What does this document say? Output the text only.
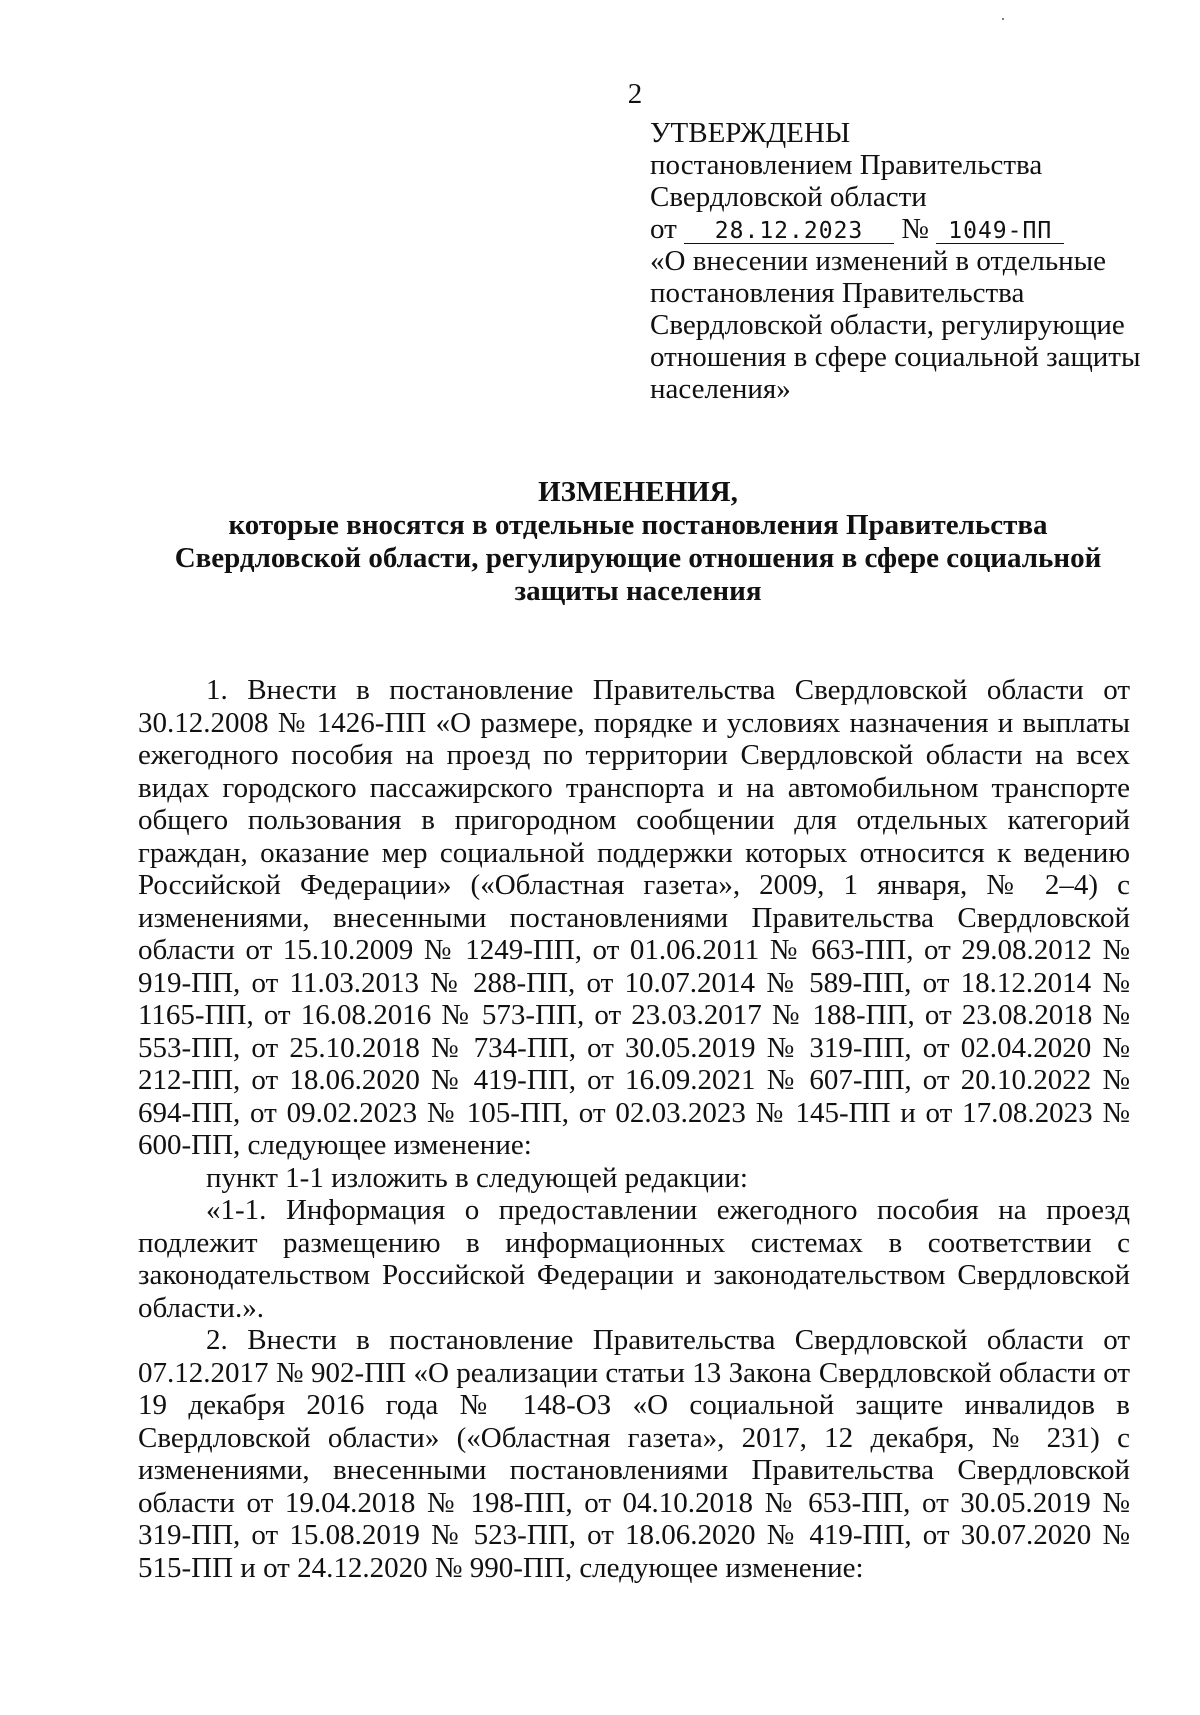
2
УТВЕРЖДЕНЫ
постановлением Правительства
Свердловской области
от 28.12.2023 № 1049-ПП
«О внесении изменений в отдельные постановления Правительства Свердловской области, регулирующие отношения в сфере социальной защиты населения»
ИЗМЕНЕНИЯ,
которые вносятся в отдельные постановления Правительства
Свердловской области, регулирующие отношения в сфере социальной
защиты населения

1. Внести в постановление Правительства Свердловской области от 30.12.2008 № 1426-ПП «О размере, порядке и условиях назначения и выплаты ежегодного пособия на проезд по территории Свердловской области на всех видах городского пассажирского транспорта и на автомобильном транспорте общего пользования в пригородном сообщении для отдельных категорий граждан, оказание мер социальной поддержки которых относится к ведению Российской Федерации» («Областная газета», 2009, 1 января, № 2–4) с изменениями, внесенными постановлениями Правительства Свердловской области от 15.10.2009 № 1249-ПП, от 01.06.2011 № 663-ПП, от 29.08.2012 № 919-ПП, от 11.03.2013 № 288-ПП, от 10.07.2014 № 589-ПП, от 18.12.2014 № 1165-ПП, от 16.08.2016 № 573-ПП, от 23.03.2017 № 188-ПП, от 23.08.2018 № 553-ПП, от 25.10.2018 № 734-ПП, от 30.05.2019 № 319-ПП, от 02.04.2020 № 212-ПП, от 18.06.2020 № 419-ПП, от 16.09.2021 № 607-ПП, от 20.10.2022 № 694-ПП, от 09.02.2023 № 105-ПП, от 02.03.2023 № 145-ПП и от 17.08.2023 № 600-ПП, следующее изменение:

пункт 1-1 изложить в следующей редакции:

«1-1. Информация о предоставлении ежегодного пособия на проезд подлежит размещению в информационных системах в соответствии с законодательством Российской Федерации и законодательством Свердловской области.».

2. Внести в постановление Правительства Свердловской области от 07.12.2017 № 902-ПП «О реализации статьи 13 Закона Свердловской области от 19 декабря 2016 года № 148-ОЗ «О социальной защите инвалидов в Свердловской области» («Областная газета», 2017, 12 декабря, № 231) с изменениями, внесенными постановлениями Правительства Свердловской области от 19.04.2018 № 198-ПП, от 04.10.2018 № 653-ПП, от 30.05.2019 № 319-ПП, от 15.08.2019 № 523-ПП, от 18.06.2020 № 419-ПП, от 30.07.2020 № 515-ПП и от 24.12.2020 № 990-ПП, следующее изменение:
